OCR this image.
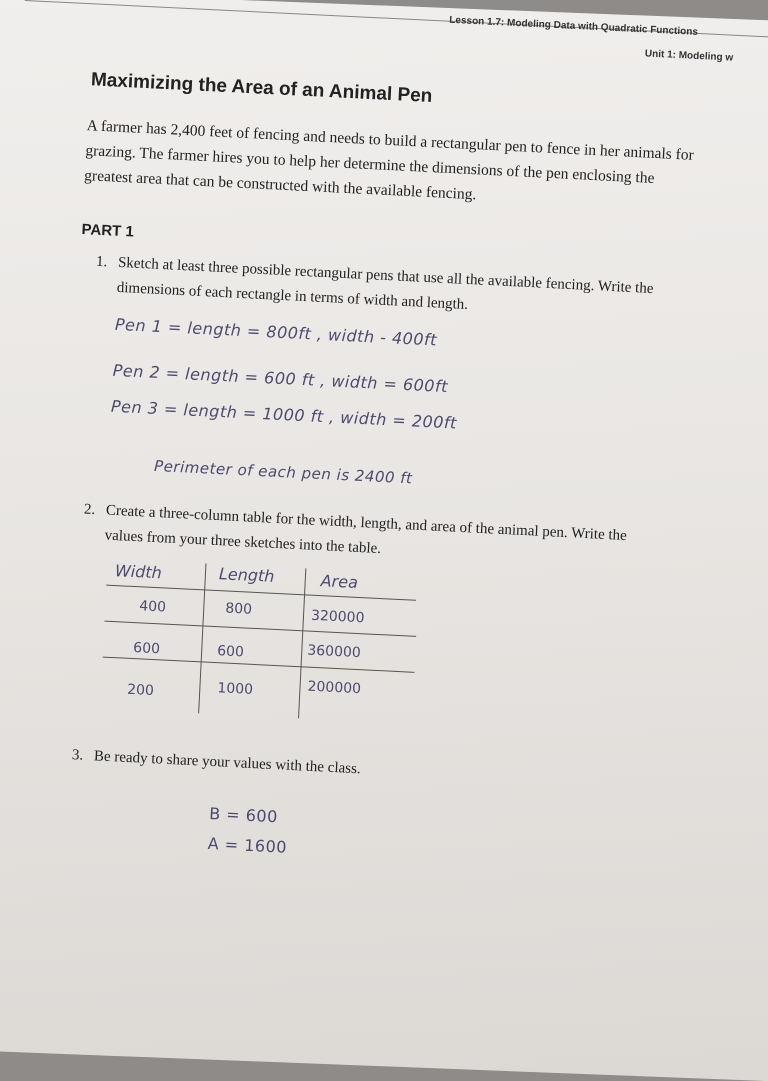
Lesson 1.7: Modeling Data with Quadratic Functions
Unit 1: Modeling w
Maximizing the Area of an Animal Pen
A farmer has 2,400 feet of fencing and needs to build a rectangular pen to fence in her animals for grazing. The farmer hires you to help her determine the dimensions of the pen enclosing the greatest area that can be constructed with the available fencing.
PART 1
1. Sketch at least three possible rectangular pens that use all the available fencing. Write the dimensions of each rectangle in terms of width and length.
Pen 1 = length = 800ft , width - 400ft
Pen 2 = length = 600 ft , width = 600ft
Pen 3 = length = 1000 ft , width = 200ft
Perimeter of each pen is 2400 ft
2. Create a three-column table for the width, length, and area of the animal pen. Write the values from your three sketches into the table.
Width	Length	Area
400	800	320000
600	600	360000
200	1000	200000
3. Be ready to share your values with the class.
B = 600
A = 1600
